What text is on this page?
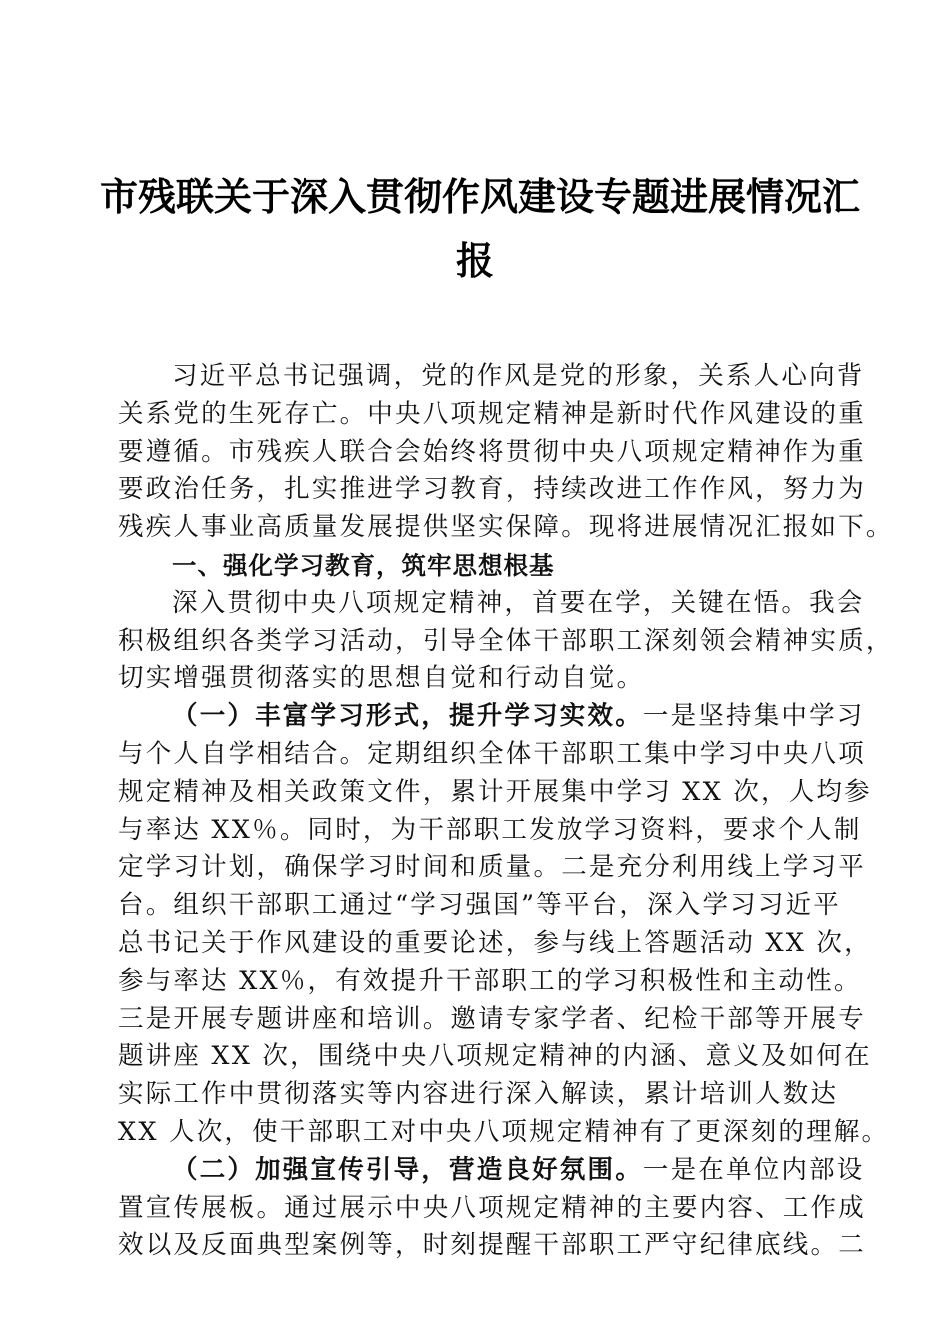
市残联关于深入贯彻作风建设专题进展情况汇
报

习近平总书记强调，党的作风是党的形象，关系人心向背
关系党的生死存亡。中央八项规定精神是新时代作风建设的重
要遵循。市残疾人联合会始终将贯彻中央八项规定精神作为重
要政治任务，扎实推进学习教育，持续改进工作作风，努力为
残疾人事业高质量发展提供坚实保障。现将进展情况汇报如下。

一、强化学习教育，筑牢思想根基

深入贯彻中央八项规定精神，首要在学，关键在悟。我会
积极组织各类学习活动，引导全体干部职工深刻领会精神实质，
切实增强贯彻落实的思想自觉和行动自觉。

（一）丰富学习形式，提升学习实效。一是坚持集中学习
与个人自学相结合。定期组织全体干部职工集中学习中央八项
规定精神及相关政策文件，累计开展集中学习 XX 次，人均参
与率达 XX％。同时，为干部职工发放学习资料，要求个人制
定学习计划，确保学习时间和质量。二是充分利用线上学习平
台。组织干部职工通过“学习强国”等平台，深入学习习近平
总书记关于作风建设的重要论述，参与线上答题活动 XX 次，
参与率达 XX％，有效提升干部职工的学习积极性和主动性。
三是开展专题讲座和培训。邀请专家学者、纪检干部等开展专
题讲座 XX 次，围绕中央八项规定精神的内涵、意义及如何在
实际工作中贯彻落实等内容进行深入解读，累计培训人数达
XX 人次，使干部职工对中央八项规定精神有了更深刻的理解。

（二）加强宣传引导，营造良好氛围。一是在单位内部设
置宣传展板。通过展示中央八项规定精神的主要内容、工作成
效以及反面典型案例等，时刻提醒干部职工严守纪律底线。二
